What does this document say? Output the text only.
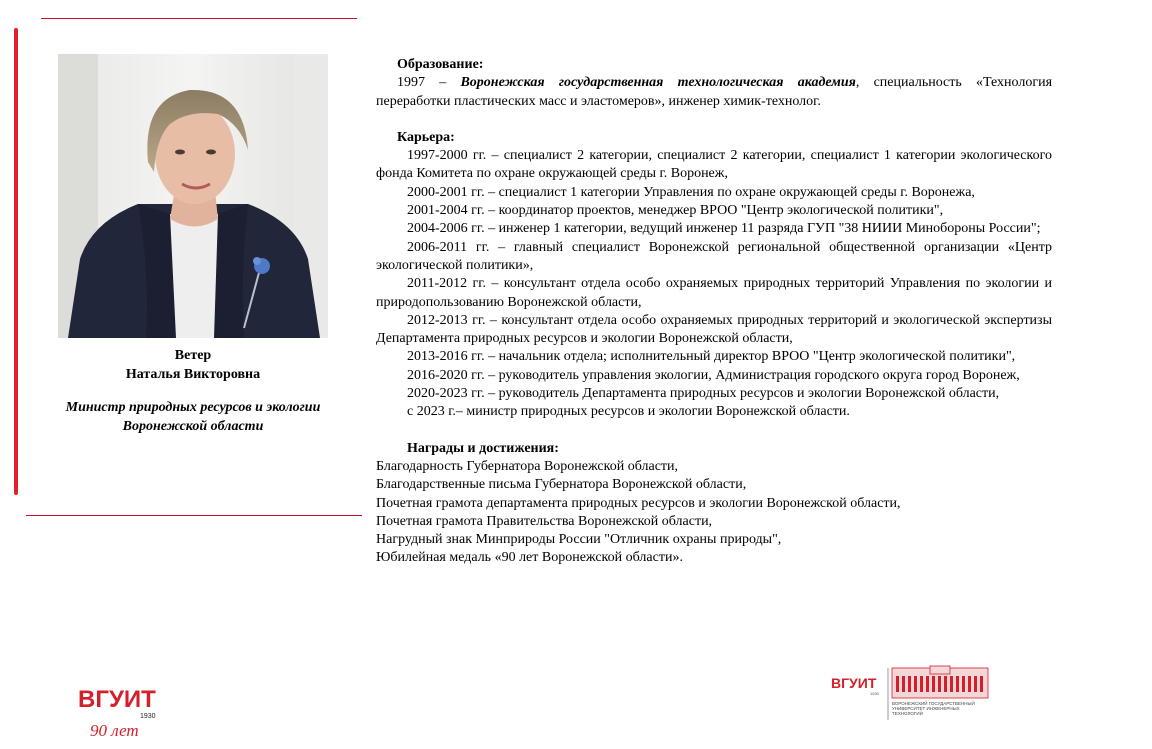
Ветер
Наталья Викторовна
Министр природных ресурсов и экологии Воронежской области

Образование:

1997 – Воронежская государственная технологическая академия, специальность «Технология переработки пластических масс и эластомеров», инженер химик-технолог.

Карьера:

1997-2000 гг. – специалист 2 категории, специалист 2 категории, специалист 1 категории экологического фонда Комитета по охране окружающей среды г. Воронеж,

2000-2001 гг. – специалист 1 категории Управления по охране окружающей среды г. Воронежа,

2001-2004 гг. – координатор проектов, менеджер ВРОО "Центр экологической политики",

2004-2006 гг. – инженер 1 категории, ведущий инженер 11 разряда ГУП "38 НИИИ Минобороны России";

2006-2011 гг. – главный специалист Воронежской региональной общественной организации «Центр экологической политики»,

2011-2012 гг. – консультант отдела особо охраняемых природных территорий Управления по экологии и природопользованию Воронежской области,

2012-2013 гг. – консультант отдела особо охраняемых природных территорий и экологической экспертизы Департамента природных ресурсов и экологии Воронежской области,

2013-2016 гг. – начальник отдела; исполнительный директор ВРОО "Центр экологической политики",

2016-2020 гг. – руководитель управления экологии, Администрация городского округа город Воронеж,

2020-2023 гг. – руководитель Департамента природных ресурсов и экологии Воронежской области,

с 2023 г.– министр природных ресурсов и экологии Воронежской области.

Награды и достижения:

Благодарность Губернатора Воронежской области,

Благодарственные письма Губернатора Воронежской области,

Почетная грамота департамента природных ресурсов и экологии Воронежской области,

Почетная грамота Правительства Воронежской области,

Нагрудный знак Минприроды России "Отличник охраны природы",

Юбилейная медаль «90 лет Воронежской области».

ВГУИТ
1930
90 лет
ВГУИТ
1930
ВОРОНЕЖСКИЙ ГОСУДАРСТВЕННЫЙ
УНИВЕРСИТЕТ ИНЖЕНЕРНЫХ
ТЕХНОЛОГИЙ
